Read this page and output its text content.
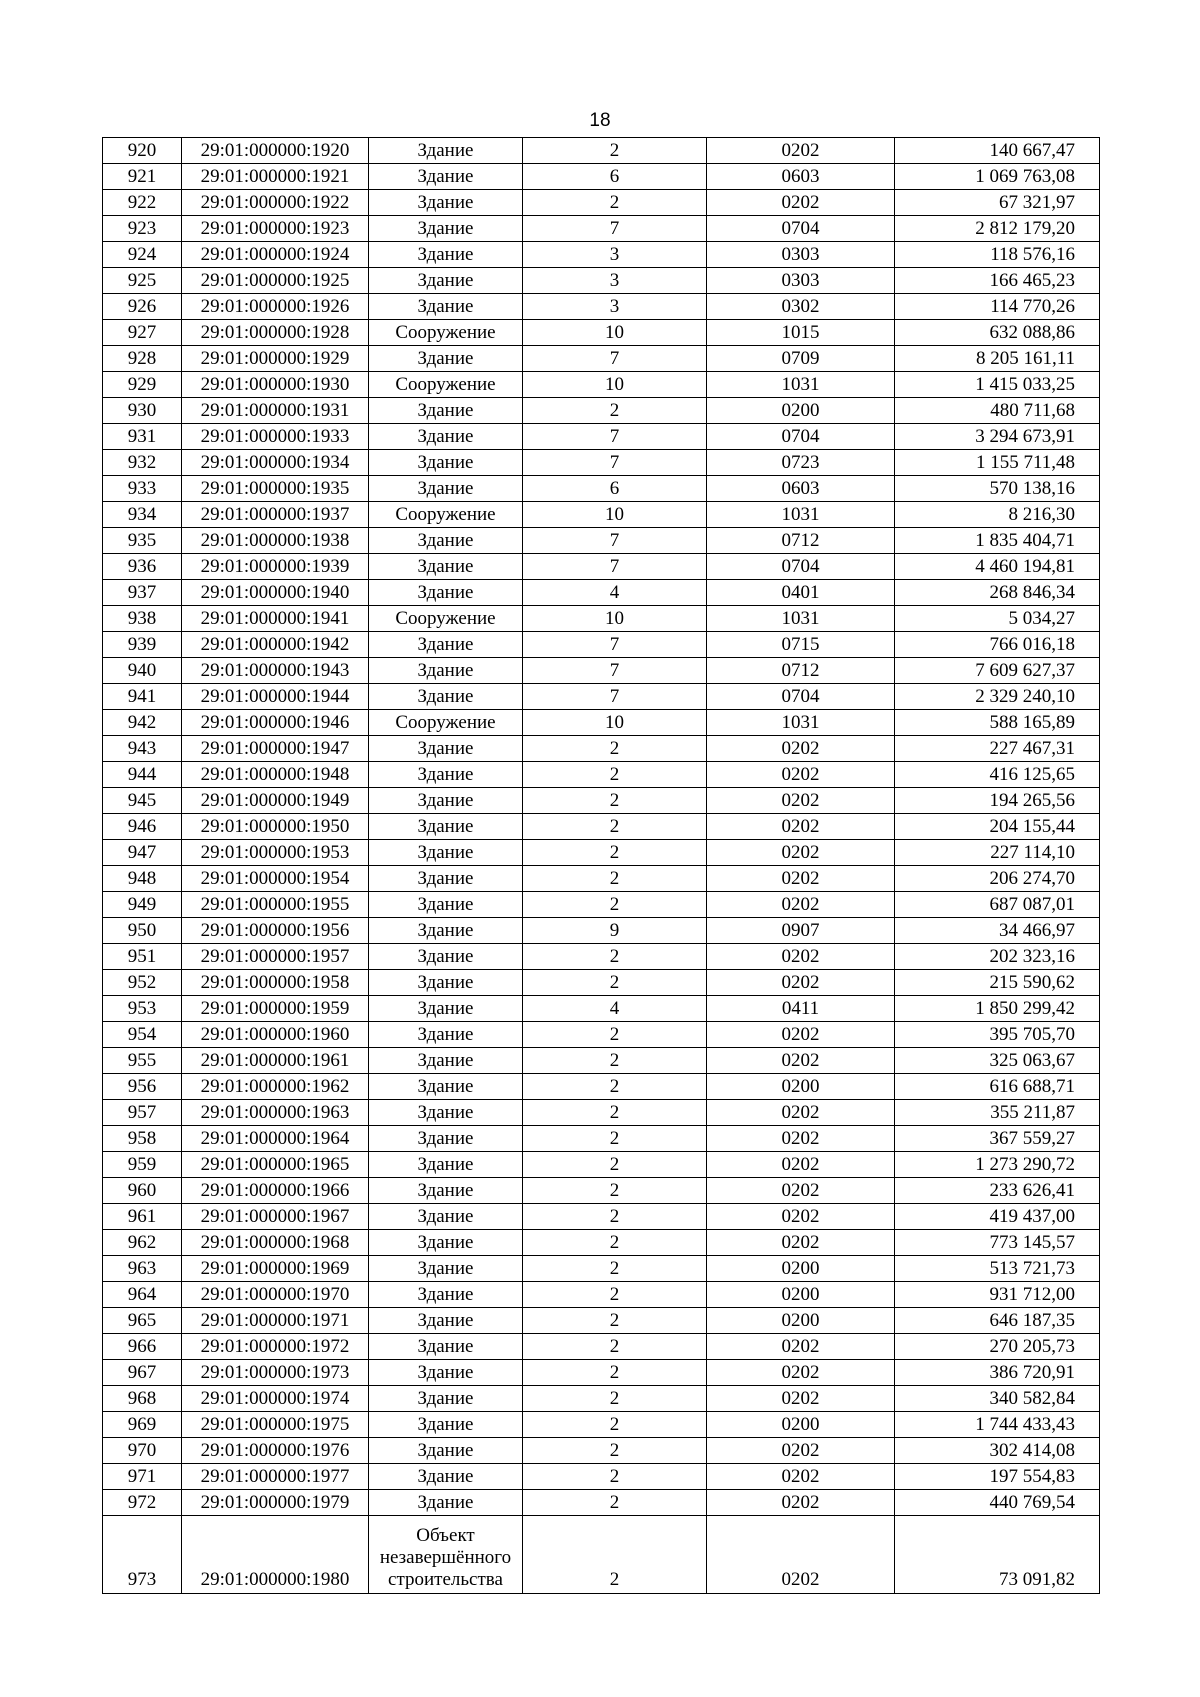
18
920	29:01:000000:1920	Здание	2	0202	140 667,47
921	29:01:000000:1921	Здание	6	0603	1 069 763,08
922	29:01:000000:1922	Здание	2	0202	67 321,97
923	29:01:000000:1923	Здание	7	0704	2 812 179,20
924	29:01:000000:1924	Здание	3	0303	118 576,16
925	29:01:000000:1925	Здание	3	0303	166 465,23
926	29:01:000000:1926	Здание	3	0302	114 770,26
927	29:01:000000:1928	Сооружение	10	1015	632 088,86
928	29:01:000000:1929	Здание	7	0709	8 205 161,11
929	29:01:000000:1930	Сооружение	10	1031	1 415 033,25
930	29:01:000000:1931	Здание	2	0200	480 711,68
931	29:01:000000:1933	Здание	7	0704	3 294 673,91
932	29:01:000000:1934	Здание	7	0723	1 155 711,48
933	29:01:000000:1935	Здание	6	0603	570 138,16
934	29:01:000000:1937	Сооружение	10	1031	8 216,30
935	29:01:000000:1938	Здание	7	0712	1 835 404,71
936	29:01:000000:1939	Здание	7	0704	4 460 194,81
937	29:01:000000:1940	Здание	4	0401	268 846,34
938	29:01:000000:1941	Сооружение	10	1031	5 034,27
939	29:01:000000:1942	Здание	7	0715	766 016,18
940	29:01:000000:1943	Здание	7	0712	7 609 627,37
941	29:01:000000:1944	Здание	7	0704	2 329 240,10
942	29:01:000000:1946	Сооружение	10	1031	588 165,89
943	29:01:000000:1947	Здание	2	0202	227 467,31
944	29:01:000000:1948	Здание	2	0202	416 125,65
945	29:01:000000:1949	Здание	2	0202	194 265,56
946	29:01:000000:1950	Здание	2	0202	204 155,44
947	29:01:000000:1953	Здание	2	0202	227 114,10
948	29:01:000000:1954	Здание	2	0202	206 274,70
949	29:01:000000:1955	Здание	2	0202	687 087,01
950	29:01:000000:1956	Здание	9	0907	34 466,97
951	29:01:000000:1957	Здание	2	0202	202 323,16
952	29:01:000000:1958	Здание	2	0202	215 590,62
953	29:01:000000:1959	Здание	4	0411	1 850 299,42
954	29:01:000000:1960	Здание	2	0202	395 705,70
955	29:01:000000:1961	Здание	2	0202	325 063,67
956	29:01:000000:1962	Здание	2	0200	616 688,71
957	29:01:000000:1963	Здание	2	0202	355 211,87
958	29:01:000000:1964	Здание	2	0202	367 559,27
959	29:01:000000:1965	Здание	2	0202	1 273 290,72
960	29:01:000000:1966	Здание	2	0202	233 626,41
961	29:01:000000:1967	Здание	2	0202	419 437,00
962	29:01:000000:1968	Здание	2	0202	773 145,57
963	29:01:000000:1969	Здание	2	0200	513 721,73
964	29:01:000000:1970	Здание	2	0200	931 712,00
965	29:01:000000:1971	Здание	2	0200	646 187,35
966	29:01:000000:1972	Здание	2	0202	270 205,73
967	29:01:000000:1973	Здание	2	0202	386 720,91
968	29:01:000000:1974	Здание	2	0202	340 582,84
969	29:01:000000:1975	Здание	2	0200	1 744 433,43
970	29:01:000000:1976	Здание	2	0202	302 414,08
971	29:01:000000:1977	Здание	2	0202	197 554,83
972	29:01:000000:1979	Здание	2	0202	440 769,54
973	29:01:000000:1980	Объект незавершённого строительства	2	0202	73 091,82
